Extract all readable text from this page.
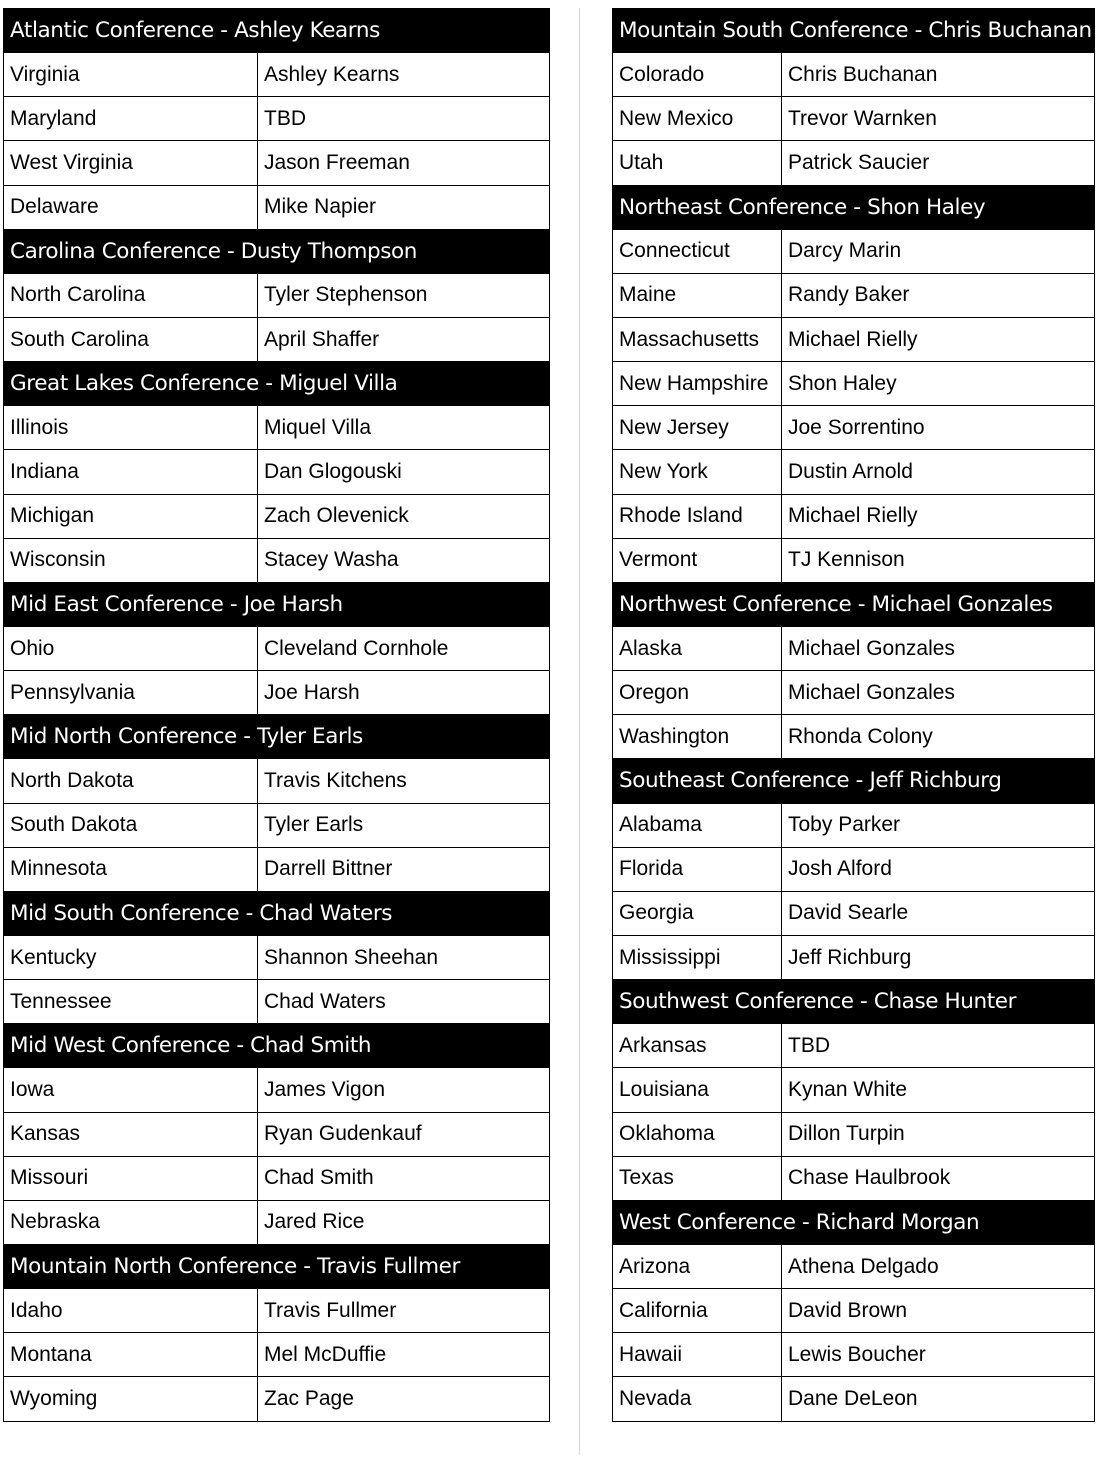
Atlantic Conference - Ashley Kearns	
Virginia	Ashley Kearns
Maryland	TBD
West Virginia	Jason Freeman
Delaware	Mike Napier
Carolina Conference - Dusty Thompson	
North Carolina	Tyler Stephenson
South Carolina	April Shaffer
Great Lakes Conference - Miguel Villa	
Illinois	Miquel Villa
Indiana	Dan Glogouski
Michigan	Zach Olevenick
Wisconsin	Stacey Washa
Mid East Conference - Joe Harsh	
Ohio	Cleveland Cornhole
Pennsylvania	Joe Harsh
Mid North Conference - Tyler Earls	
North Dakota	Travis Kitchens
South Dakota	Tyler Earls
Minnesota	Darrell Bittner
Mid South Conference - Chad Waters	
Kentucky	Shannon Sheehan
Tennessee	Chad Waters
Mid West Conference - Chad Smith	
Iowa	James Vigon
Kansas	Ryan Gudenkauf
Missouri	Chad Smith
Nebraska	Jared Rice
Mountain North Conference - Travis Fullmer	
Idaho	Travis Fullmer
Montana	Mel McDuffie
Wyoming	Zac Page
Mountain South Conference - Chris Buchanan	
Colorado	Chris Buchanan
New Mexico	Trevor Warnken
Utah	Patrick Saucier
Northeast Conference - Shon Haley	
Connecticut	Darcy Marin
Maine	Randy Baker
Massachusetts	Michael Rielly
New Hampshire	Shon Haley
New Jersey	Joe Sorrentino
New York	Dustin Arnold
Rhode Island	Michael Rielly
Vermont	TJ Kennison
Northwest Conference - Michael Gonzales	
Alaska	Michael Gonzales
Oregon	Michael Gonzales
Washington	Rhonda Colony
Southeast Conference - Jeff Richburg	
Alabama	Toby Parker
Florida	Josh Alford
Georgia	David Searle
Mississippi	Jeff Richburg
Southwest Conference - Chase Hunter	
Arkansas	TBD
Louisiana	Kynan White
Oklahoma	Dillon Turpin
Texas	Chase Haulbrook
West Conference - Richard Morgan	
Arizona	Athena Delgado
California	David Brown
Hawaii	Lewis Boucher
Nevada	Dane DeLeon
